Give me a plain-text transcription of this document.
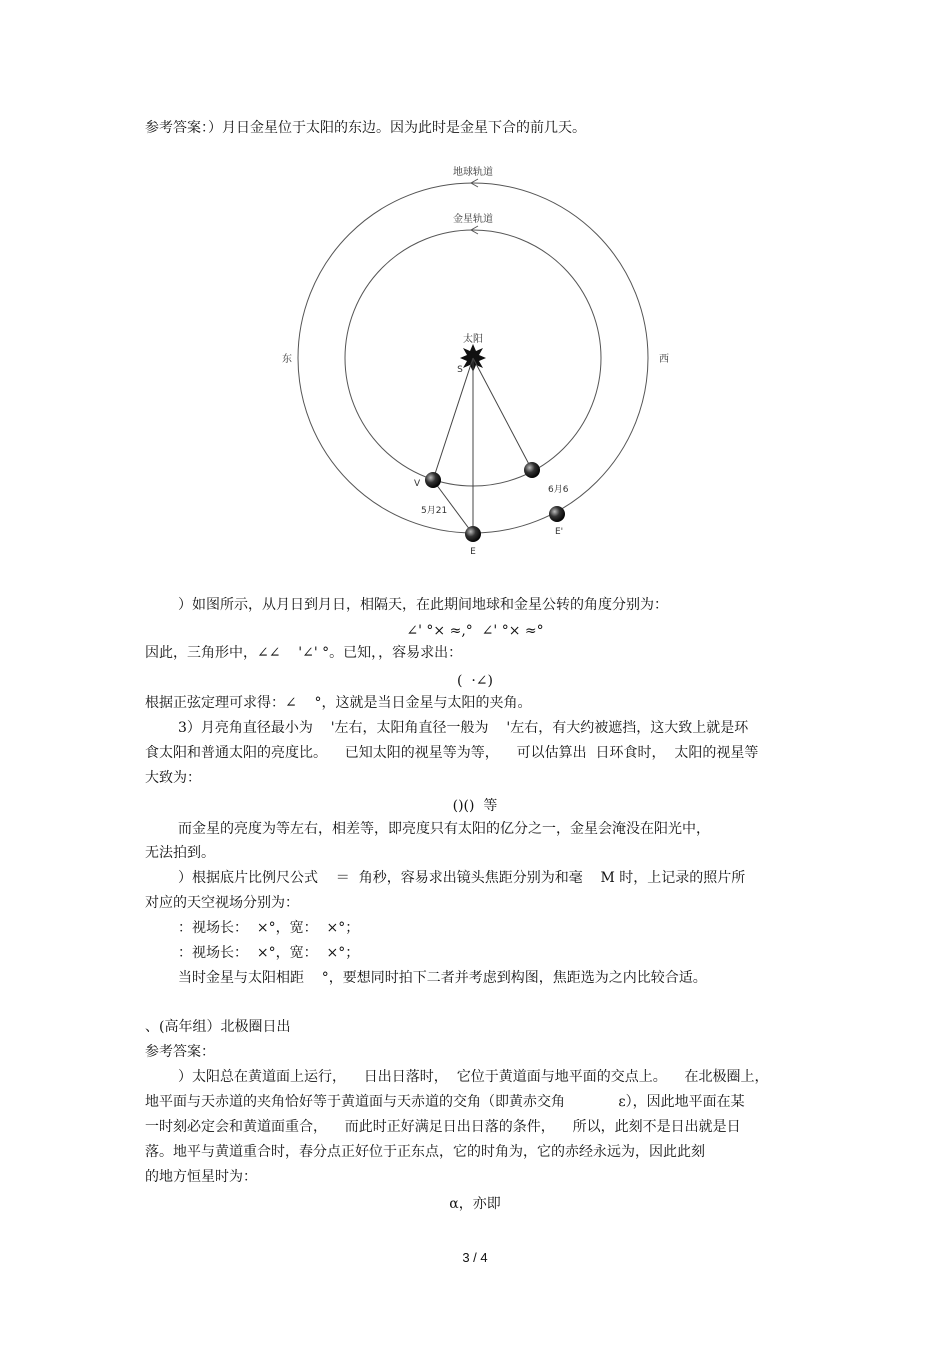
参考答案：）月日金星位于太阳的东边。因为此时是金星下合的前几天。
地球轨道
金星轨道
太阳
S
东	西
V
E
E'
5月21
6月6
）如图所示，从月日到月日，相隔天，在此期间地球和金星公转的角度分别为：
∠' °× ≈,°  ∠' °× ≈°
因此，三角形中，∠∠    '∠' °。已知，，容易求出：
(  ·∠)
根据正弦定理可求得：∠    °，这就是当日金星与太阳的夹角。
3）月亮角直径最小为    '左右，太阳角直径一般为    '左右，有大约被遮挡，这大致上就是环
食太阳和普通太阳的亮度比。    已知太阳的视星等为等，    可以估算出  日环食时，  太阳的视星等
大致为：
()()  等
而金星的亮度为等左右，相差等，即亮度只有太阳的亿分之一，金星会淹没在阳光中，
无法拍到。
）根据底片比例尺公式    ＝  角秒，容易求出镜头焦距分别为和毫    M 时，上记录的照片所
对应的天空视场分别为：
：视场长：  ×°，宽：  ×°；
：视场长：  ×°，宽：  ×°；
当时金星与太阳相距    °，要想同时拍下二者并考虑到构图，焦距选为之内比较合适。
、(高年组）北极圈日出
参考答案：
）太阳总在黄道面上运行，    日出日落时，  它位于黄道面与地平面的交点上。    在北极圈上，
地平面与天赤道的夹角恰好等于黄道面与天赤道的交角（即黄赤交角            ε），因此地平面在某
一时刻必定会和黄道面重合，    而此时正好满足日出日落的条件，    所以，此刻不是日出就是日
落。地平与黄道重合时，春分点正好位于正东点，它的时角为，它的赤经永远为，因此此刻
的地方恒星时为：
α，亦即
3 / 4
